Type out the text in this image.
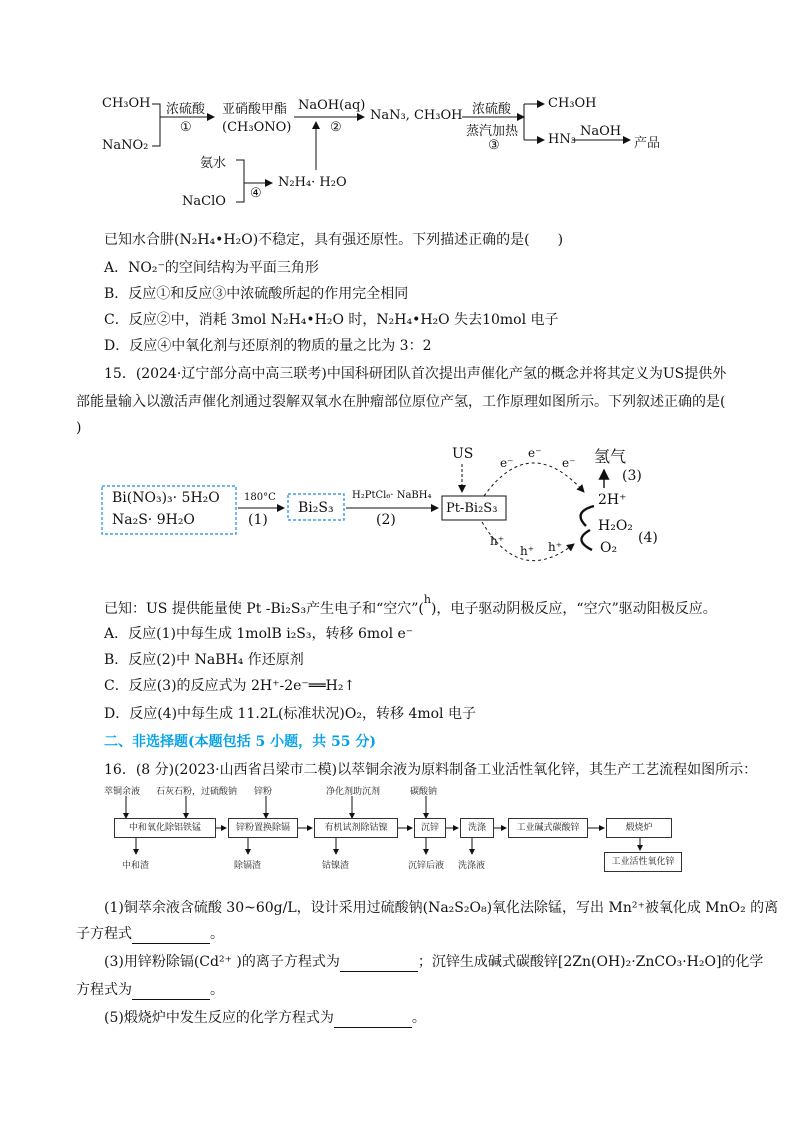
CH₃OH
NaNO₂
浓硫酸
①
亚硝酸甲酯
(CH₃ONO)
NaOH(aq)
②
NaN₃, CH₃OH 浓硫酸
蒸汽加热
③
CH₃OH
HN₃
NaOH
产品
氨水
NaClO
④
N₂H₄· H₂O
已知水合肼(N₂H₄•H₂O)不稳定，具有强还原性。下列描述正确的是(　　)
A．NO₂⁻的空间结构为平面三角形
B．反应①和反应③中浓硫酸所起的作用完全相同
C．反应②中，消耗 3mol N₂H₄•H₂O 时，N₂H₄•H₂O 失去10mol 电子
D．反应④中氧化剂与还原剂的物质的量之比为 3：2
15．(2024·辽宁部分高中高三联考)中国科研团队首次提出声催化产氢的概念并将其定义为US提供外
部能量输入以激活声催化剂通过裂解双氧水在肿瘤部位原位产氢，工作原理如图所示。下列叙述正确的是(
)
Bi(NO₃)₃· 5H₂O
Na₂S· 9H₂O
180°C
(1)
Bi₂S₃
H₂PtCl₆· NaBH₄
(2)
Pt-Bi₂S₃
US
e⁻
e⁻
e⁻ 氢气
(3)
2H⁺
H₂O₂
O₂
(4)
h⁺
h⁺ h⁺
已知：US 提供能量使 Pt -Bi₂S₃产生电子和“空穴”($^h$)，电子驱动阴极反应，“空穴”驱动阳极反应。
A．反应(1)中每生成 1molB i₂S₃，转移 6mol e⁻
B．反应(2)中 NaBH₄ 作还原剂
C．反应(3)的反应式为 2H⁺-2e⁻══H₂↑
D．反应(4)中每生成 11.2L(标准状况)O₂，转移 4mol 电子
二、非选择题(本题包括 5 小题，共 55 分)
16．(8 分)(2023·山西省吕梁市二模)以萃铜余液为原料制备工业活性氧化锌，其生产工艺流程如图所示：
萃铜余液 石灰石粉，过硫酸钠 锌粉	净化剂助沉剂	碳酸钠
中和氧化除铝铁锰	锌粉置换除镉	有机试剂除钴镍	沉锌	洗涤	工业碱式碳酸锌	煅烧炉
工业活性氧化锌
中和渣	除镉渣	钴镍渣	沉锌后液 洗涤液
(1)铜萃余液含硫酸 30~60g/L，设计采用过硫酸钠(Na₂S₂O₈)氧化法除锰，写出 Mn²⁺被氧化成 MnO₂ 的离
子方程式	。
(3)用锌粉除镉(Cd²⁺ )的离子方程式为	；沉锌生成碱式碳酸锌[2Zn(OH)₂·ZnCO₃·H₂O]的化学
方程式为	。
(5)煅烧炉中发生反应的化学方程式为	。
